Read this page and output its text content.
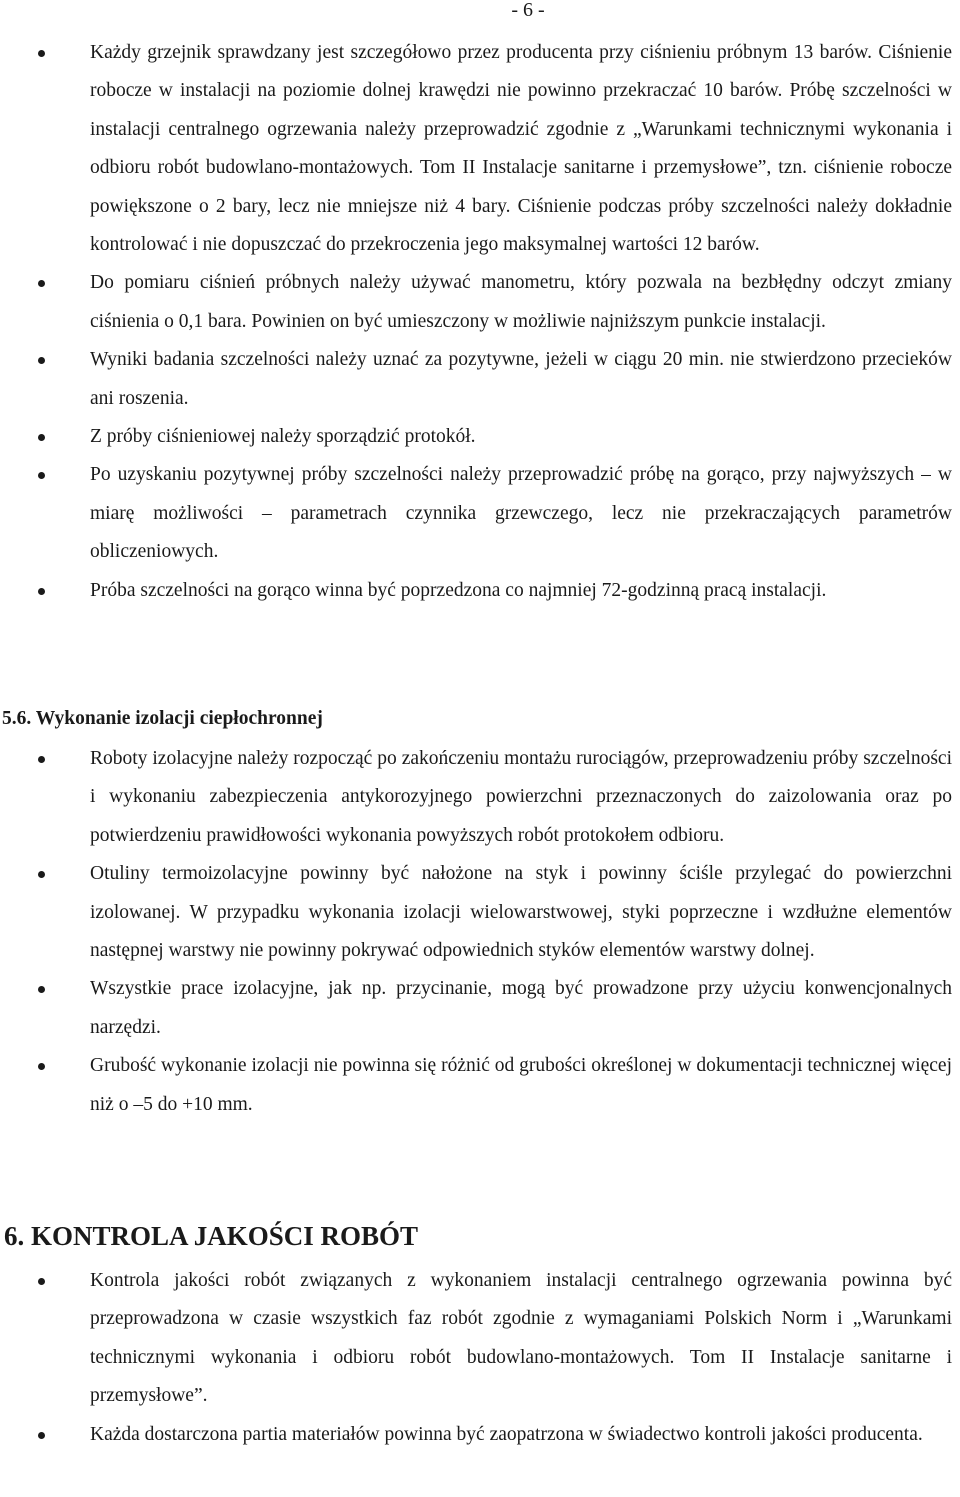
- 6 -
Każdy grzejnik sprawdzany jest szczegółowo przez producenta przy ciśnieniu próbnym 13 barów. Ciśnienie robocze w instalacji na poziomie dolnej krawędzi nie powinno przekraczać 10 barów. Próbę szczelności w instalacji centralnego ogrzewania należy przeprowadzić zgodnie z „Warunkami technicznymi wykonania i odbioru robót budowlano-montażowych. Tom II Instalacje sanitarne i przemysłowe”, tzn. ciśnienie robocze powiększone o 2 bary, lecz nie mniejsze niż 4 bary. Ciśnienie podczas próby szczelności należy dokładnie kontrolować i nie dopuszczać do przekroczenia jego maksymalnej wartości 12 barów.
Do pomiaru ciśnień próbnych należy używać manometru, który pozwala na bezbłędny odczyt zmiany ciśnienia o 0,1 bara. Powinien on być umieszczony w możliwie najniższym punkcie instalacji.
Wyniki badania szczelności należy uznać za pozytywne, jeżeli w ciągu 20 min. nie stwierdzono przecieków ani roszenia.
Z próby ciśnieniowej należy sporządzić protokół.
Po uzyskaniu pozytywnej próby szczelności należy przeprowadzić próbę na gorąco, przy najwyższych – w miarę możliwości – parametrach czynnika grzewczego, lecz nie przekraczających parametrów obliczeniowych.
Próba szczelności na gorąco winna być poprzedzona co najmniej 72-godzinną pracą instalacji.
5.6. Wykonanie izolacji ciepłochronnej
Roboty izolacyjne należy rozpocząć po zakończeniu montażu rurociągów, przeprowadzeniu próby szczelności i wykonaniu zabezpieczenia antykorozyjnego powierzchni przeznaczonych do zaizolowania oraz po potwierdzeniu prawidłowości wykonania powyższych robót protokołem odbioru.
Otuliny termoizolacyjne powinny być nałożone na styk i powinny ściśle przylegać do powierzchni izolowanej. W przypadku wykonania izolacji wielowarstwowej, styki poprzeczne i wzdłużne elementów następnej warstwy nie powinny pokrywać odpowiednich styków elementów warstwy dolnej.
Wszystkie prace izolacyjne, jak np. przycinanie, mogą być prowadzone przy użyciu konwencjonalnych narzędzi.
Grubość wykonanie izolacji nie powinna się różnić od grubości określonej w dokumentacji technicznej więcej niż o –5 do +10 mm.
6. KONTROLA JAKOŚCI ROBÓT
Kontrola jakości robót związanych z wykonaniem instalacji centralnego ogrzewania powinna być przeprowadzona w czasie wszystkich faz robót zgodnie z wymaganiami Polskich Norm i „Warunkami technicznymi wykonania i odbioru robót budowlano-montażowych. Tom II Instalacje sanitarne i przemysłowe”.
Każda dostarczona partia materiałów powinna być zaopatrzona w świadectwo kontroli jakości producenta.
